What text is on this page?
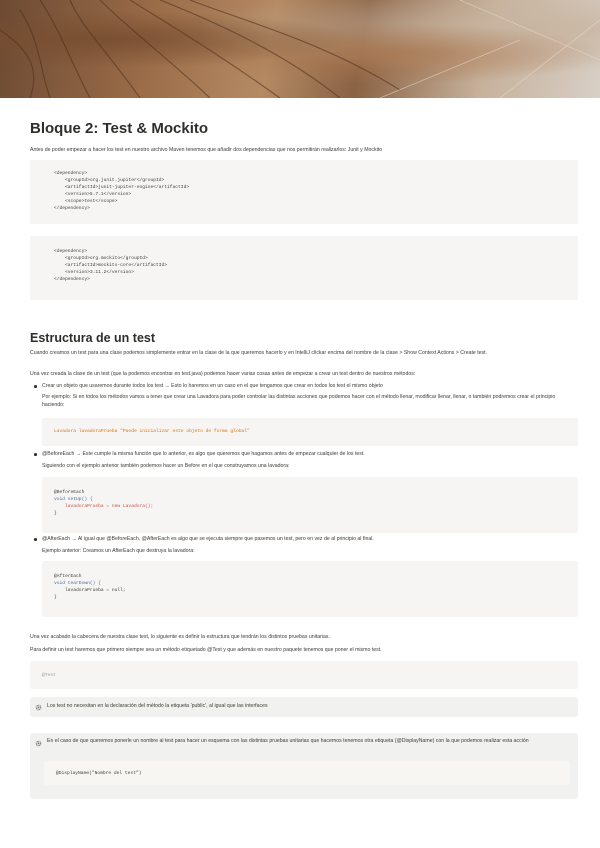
Bloque 2: Test & Mockito

Antes de poder empezar a hacer los test en nuestro archivo Maven tenemos que añadir dos dependencias que nos permitirán realizarlos: Junit y Mockito

<dependency>
<groupId>org.junit.jupiter</groupId>
<artifactId>junit-jupiter-engine</artifactId>
<version>5.7.1</version>
<scope>test</scope>
</dependency>
<dependency>
<groupId>org.mockito</groupId>
<artifactId>mockito-core</artifactId>
<version>3.11.2</version>
</dependency>
Estructura de un test

Cuando creamos un test para una clase podemos simplemente entrar en la clase de la que queremos hacerlo y en IntelliJ clickar encima del nombre de la clase > Show Context Actions > Create test.

Una vez creada la clase de un test (que la podemos encontrar en test.java) podemos hacer varias cosas antes de empezar a crear un test dentro de nuestros métodos:

Crear un objeto que usaremos durante todos los test → Esto lo haremos en un caso en el que tengamos que crear en todos los test el mismo objeto

Por ejemplo: Si en todos los métodos vamos a tener que crear una Lavadora para poder controlar las distintas acciones que podemos hacer con el método llenar, modificar llenar, llenar, o también podremos crear el principio haciendo:

Lavadora lavadoraPrueba "Puede inicializar este objeto de forma global"
@BeforeEach → Este cumple la misma función que lo anterior, es algo que queremos que hagamos antes de empezar cualquier de los test.

Siguiendo con el ejemplo anterior también podemos hacer un Before en el que construyamos una lavadora:

@BeforeEach
void setUp() {
lavadoraPrueba = new Lavadora();
}
@AfterEach → Al igual que @BeforeEach, @AfterEach es algo que se ejecuta siempre que pasemos un test, pero en vez de al principio al final.

Ejemplo anterior: Creamos un AfterEach que destruya la lavadora:

@AfterEach
void tearDown() {
lavadoraPrueba = null;
}

Una vez acabado la cabecera de nuestra clase test, lo siguiente es definir la estructura que tendrán los distintos pruebas unitarias.

Para definir un test haremos que primero siempre sea un método etiquetado @Test y que además en nuestro paquete tenemos que poner el mismo test.

@Test

Los test no necesitan en la declaración del método la etiqueta 'public', al igual que las interfaces

En el caso de que queremos ponerle un nombre al test para hacer un esquema con las distintas pruebas unitarias que hacemos tenemos otra etiqueta (@DisplayName) con la que podemos realizar esta acción

@DisplayName("Nombre del test")
